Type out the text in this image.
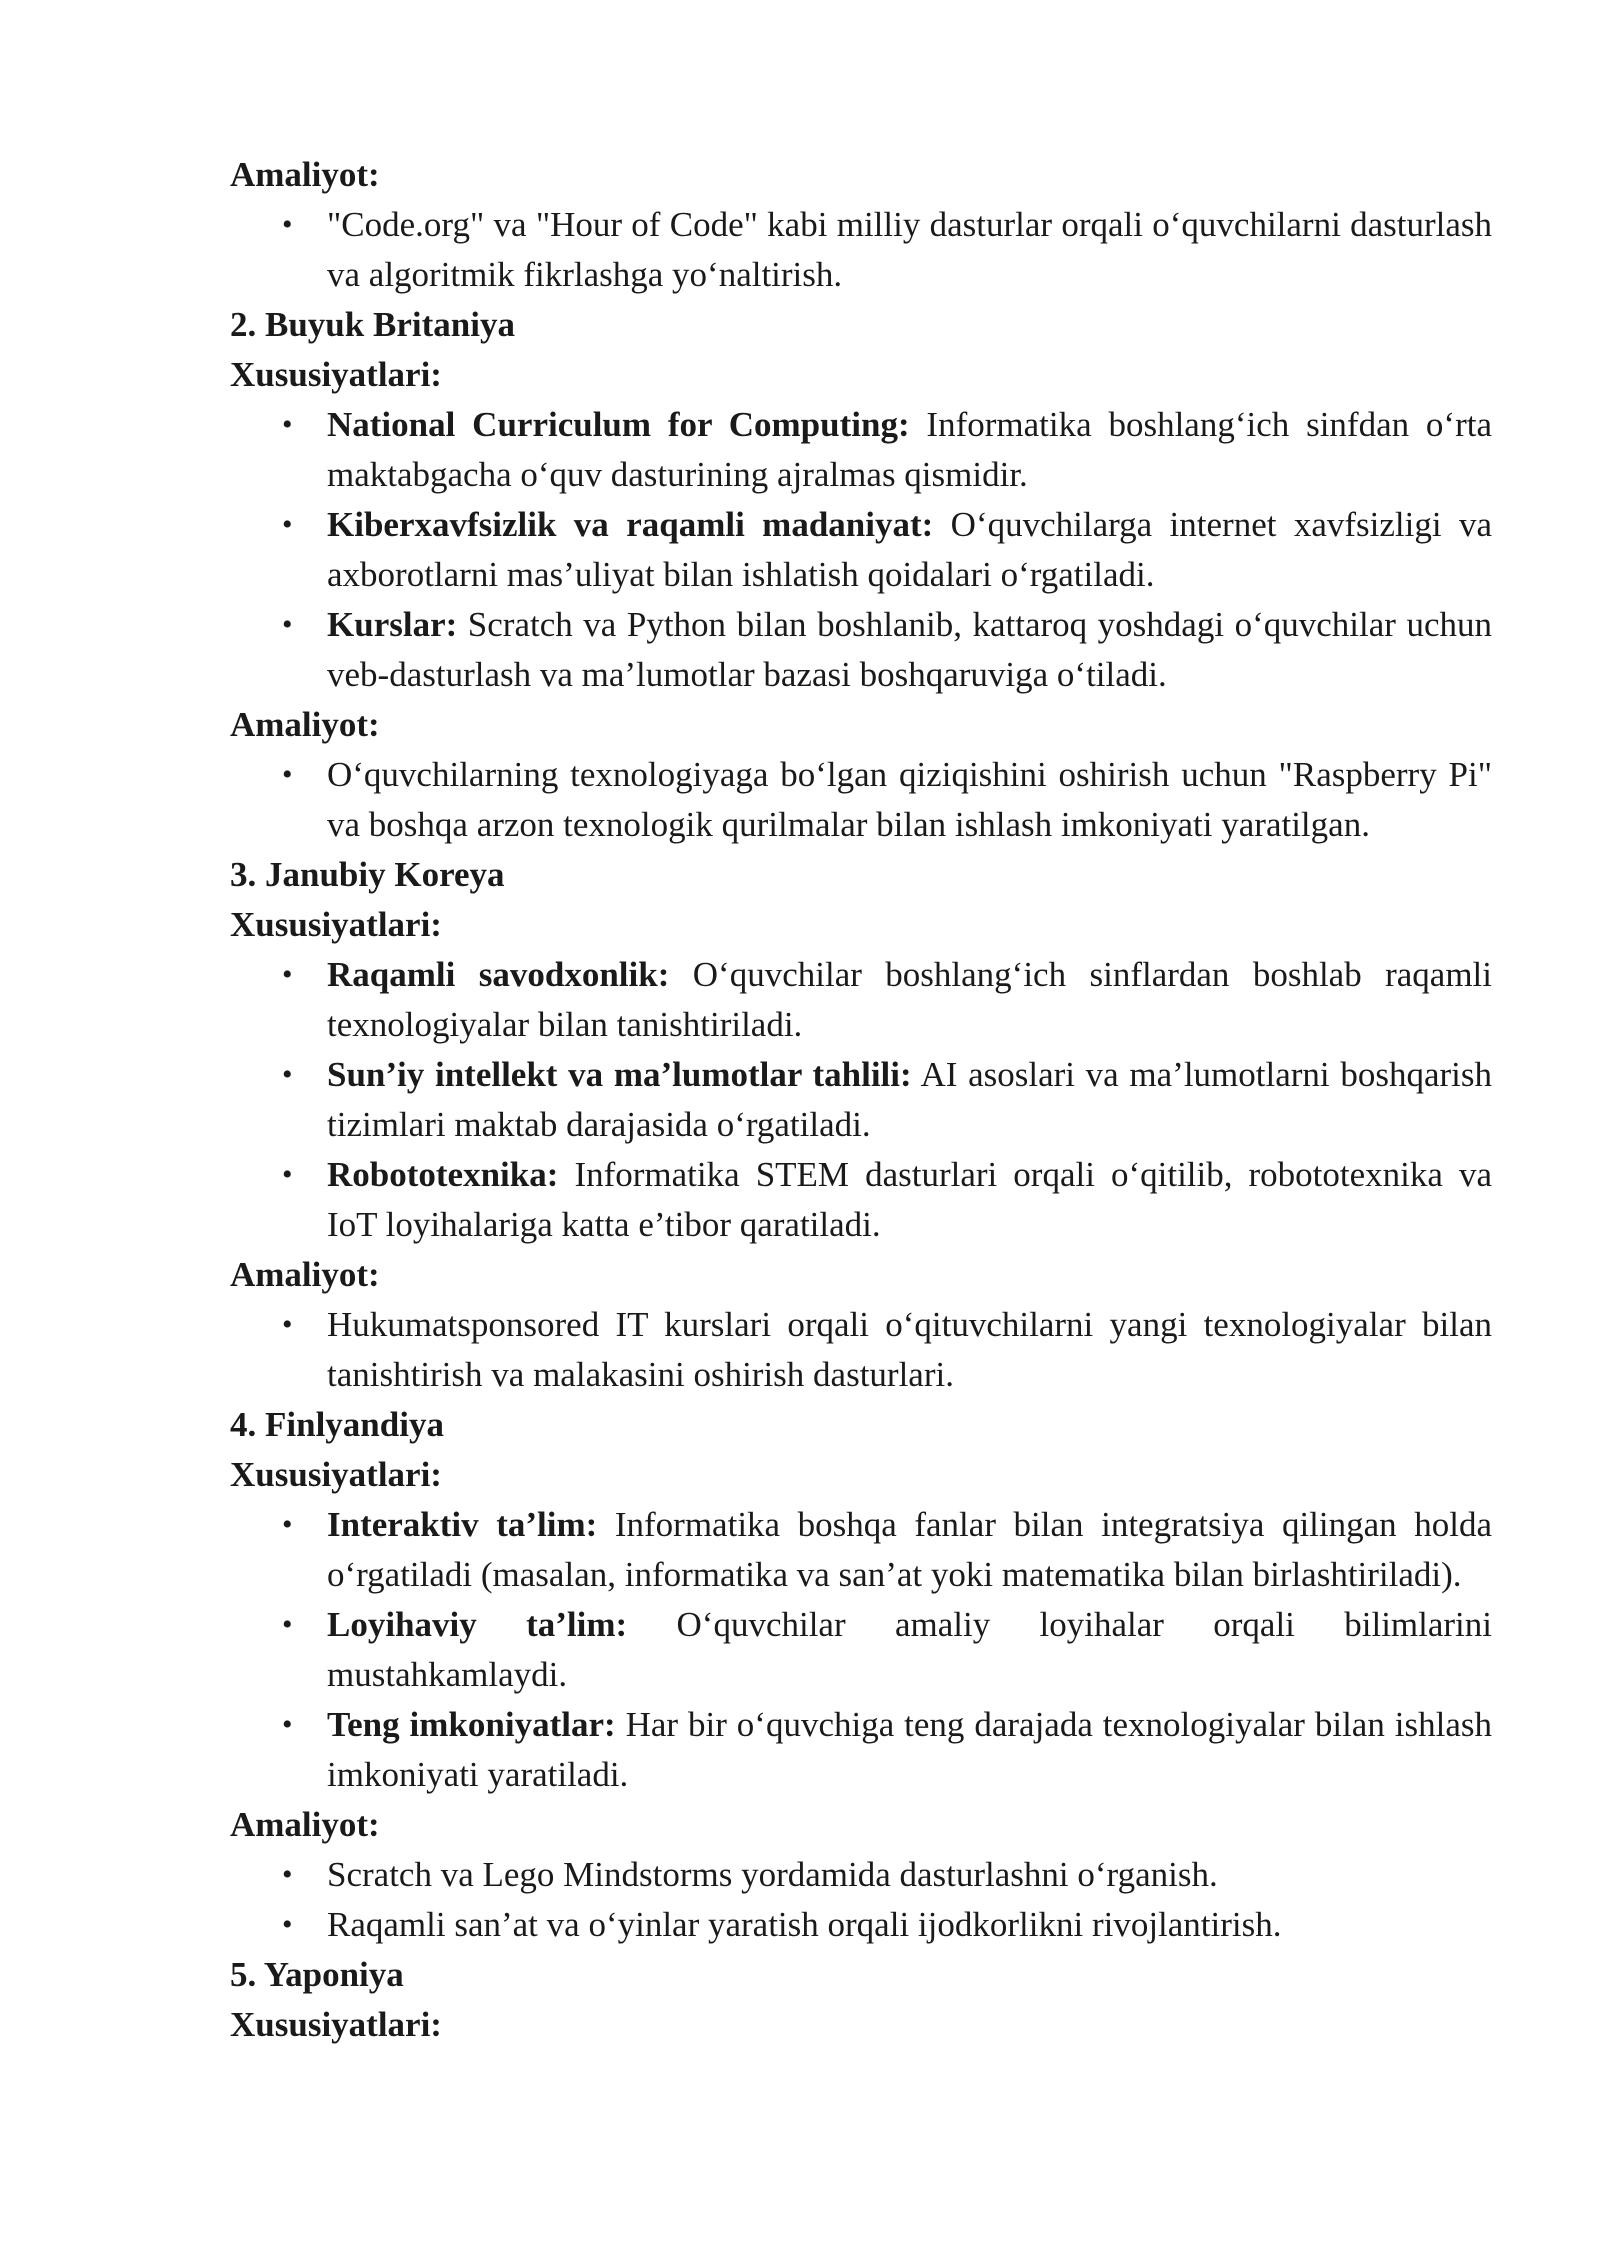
Amaliyot:
• "Code.org" va "Hour of Code" kabi milliy dasturlar orqali o‘quvchilarni dasturlash va algoritmik fikrlashga yo‘naltirish.
2. Buyuk Britaniya
Xususiyatlari:
• National Curriculum for Computing: Informatika boshlang‘ich sinfdan o‘rta maktabgacha o‘quv dasturining ajralmas qismidir.
• Kiberxavfsizlik va raqamli madaniyat: O‘quvchilarga internet xavfsizligi va axborotlarni mas’uliyat bilan ishlatish qoidalari o‘rgatiladi.
• Kurslar: Scratch va Python bilan boshlanib, kattaroq yoshdagi o‘quvchilar uchun veb-dasturlash va ma’lumotlar bazasi boshqaruviga o‘tiladi.
Amaliyot:
• O‘quvchilarning texnologiyaga bo‘lgan qiziqishini oshirish uchun "Raspberry Pi" va boshqa arzon texnologik qurilmalar bilan ishlash imkoniyati yaratilgan.
3. Janubiy Koreya
Xususiyatlari:
• Raqamli savodxonlik: O‘quvchilar boshlang‘ich sinflardan boshlab raqamli texnologiyalar bilan tanishtiriladi.
• Sun’iy intellekt va ma’lumotlar tahlili: AI asoslari va ma’lumotlarni boshqarish tizimlari maktab darajasida o‘rgatiladi.
• Robototexnika: Informatika STEM dasturlari orqali o‘qitilib, robototexnika va IoT loyihalariga katta e’tibor qaratiladi.
Amaliyot:
• Hukumatsponsored IT kurslari orqali o‘qituvchilarni yangi texnologiyalar bilan tanishtirish va malakasini oshirish dasturlari.
4. Finlyandiya
Xususiyatlari:
• Interaktiv ta’lim: Informatika boshqa fanlar bilan integratsiya qilingan holda o‘rgatiladi (masalan, informatika va san’at yoki matematika bilan birlashtiriladi).
• Loyihaviy ta’lim: O‘quvchilar amaliy loyihalar orqali bilimlarini mustahkamlaydi.
• Teng imkoniyatlar: Har bir o‘quvchiga teng darajada texnologiyalar bilan ishlash imkoniyati yaratiladi.
Amaliyot:
• Scratch va Lego Mindstorms yordamida dasturlashni o‘rganish.
• Raqamli san’at va o‘yinlar yaratish orqali ijodkorlikni rivojlantirish.
5. Yaponiya
Xususiyatlari:
